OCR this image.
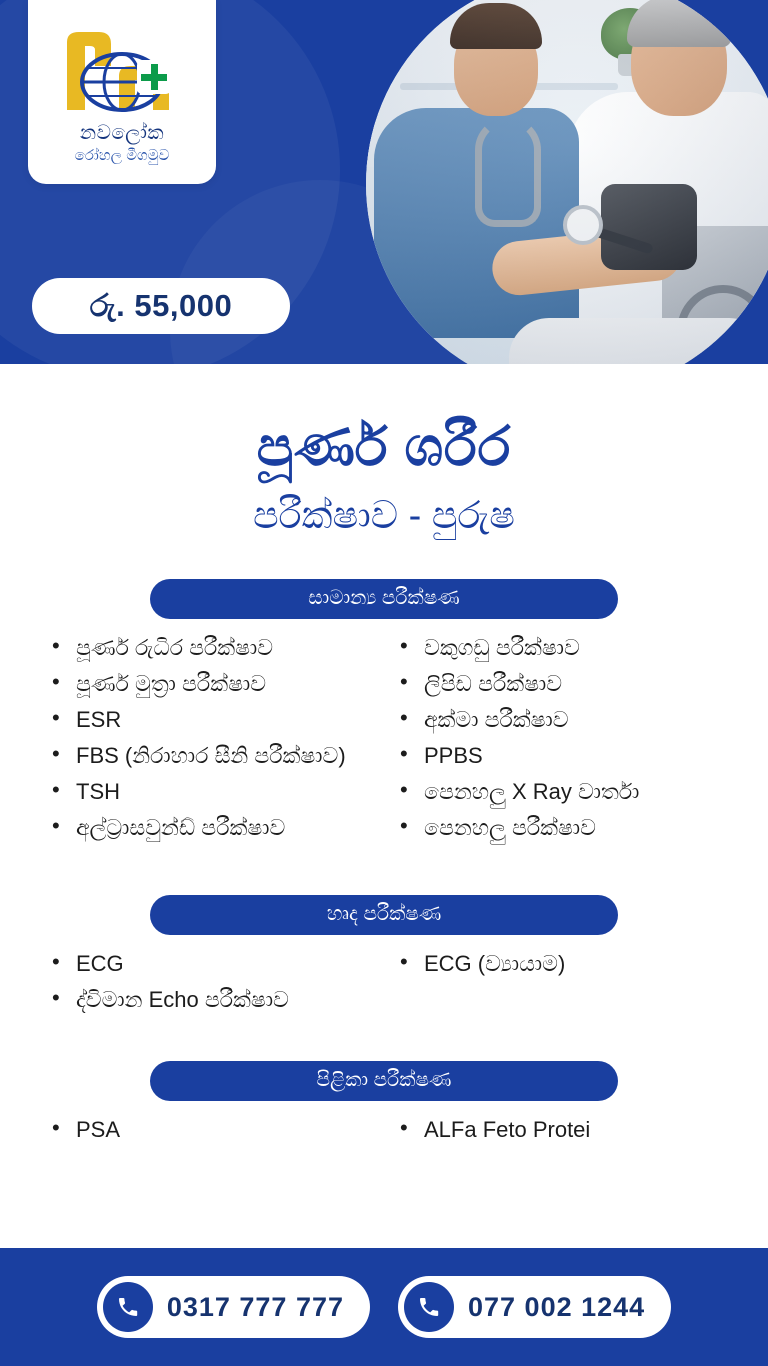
නවලෝක
රෝහල මීගමුව
රු. 55,000
පූර්ණ ශරීර
පරීක්ෂාව - පුරුෂ
සාමාන්‍ය පරීක්ෂණ
• පූර්ණ රුධිර පරීක්ෂාව
• පූර්ණ මුත්‍රා පරීක්ෂාව
• ESR
• FBS (නිරාහාර සීනි පරීක්ෂාව)
• TSH
• අල්ට්‍රාසවුන්ඩ් පරීක්ෂාව
• වකුගඩු පරීක්ෂාව
• ලිපිඩ පරීක්ෂාව
• අක්මා පරීක්ෂාව
• PPBS
• පෙනහලු X Ray වාර්තා
• පෙනහලු පරීක්ෂාව
හෘද පරීක්ෂණ
• ECG
• ද්විමාන Echo පරීක්ෂාව
• ECG (ව්‍යායාම)
පිළිකා පරීක්ෂණ
• PSA	• ALFa Feto Protei
0317 777 777	077 002 1244
